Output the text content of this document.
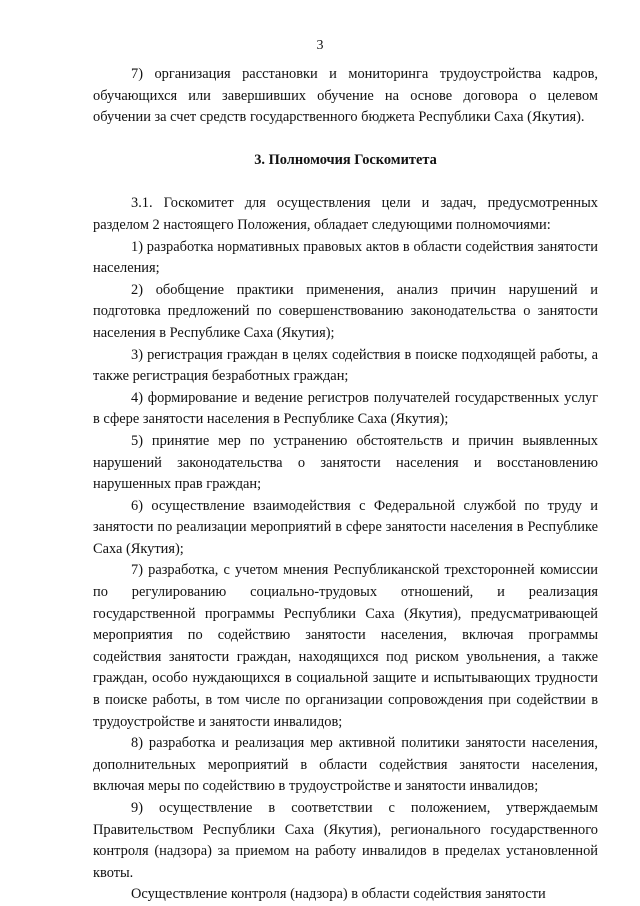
3

7) организация расстановки и мониторинга трудоустройства кадров, обучающихся или завершивших обучение на основе договора о целевом обучении за счет средств государственного бюджета Республики Саха (Якутия).

3. Полномочия Госкомитета

3.1. Госкомитет для осуществления цели и задач, предусмотренных разделом 2 настоящего Положения, обладает следующими полномочиями:

1) разработка нормативных правовых актов в области содействия занятости населения;

2) обобщение практики применения, анализ причин нарушений и подготовка предложений по совершенствованию законодательства о занятости населения в Республике Саха (Якутия);

3) регистрация граждан в целях содействия в поиске подходящей работы, а также регистрация безработных граждан;

4) формирование и ведение регистров получателей государственных услуг в сфере занятости населения в Республике Саха (Якутия);

5) принятие мер по устранению обстоятельств и причин выявленных нарушений законодательства о занятости населения и восстановлению нарушенных прав граждан;

6) осуществление взаимодействия с Федеральной службой по труду и занятости по реализации мероприятий в сфере занятости населения в Республике Саха (Якутия);

7) разработка, с учетом мнения Республиканской трехсторонней комиссии по регулированию социально-трудовых отношений, и реализация государственной программы Республики Саха (Якутия), предусматривающей мероприятия по содействию занятости населения, включая программы содействия занятости граждан, находящихся под риском увольнения, а также граждан, особо нуждающихся в социальной защите и испытывающих трудности в поиске работы, в том числе по организации сопровождения при содействии в трудоустройстве и занятости инвалидов;

8) разработка и реализация мер активной политики занятости населения, дополнительных мероприятий в области содействия занятости населения, включая меры по содействию в трудоустройстве и занятости инвалидов;

9) осуществление в соответствии с положением, утверждаемым Правительством Республики Саха (Якутия), регионального государственного контроля (надзора) за приемом на работу инвалидов в пределах установленной квоты.

Осуществление контроля (надзора) в области содействия занятости
